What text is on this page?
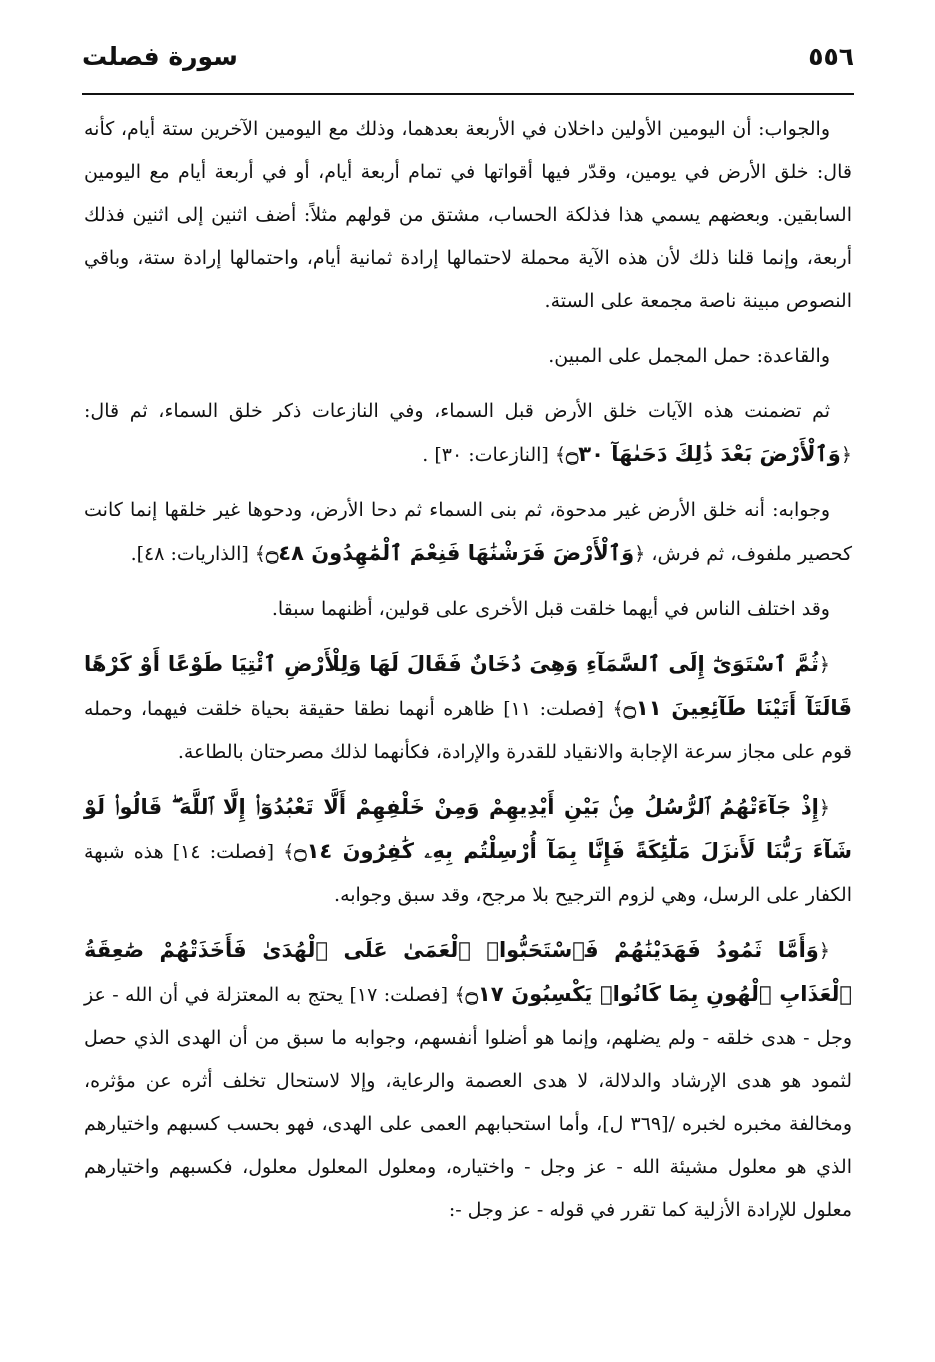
٥٥٦
سورة فصلت

والجواب: أن اليومين الأولين داخلان في الأربعة بعدهما، وذلك مع اليومين الآخرين ستة أيام، كأنه قال: خلق الأرض في يومين، وقدّر فيها أقواتها في تمام أربعة أيام، أو في أربعة أيام مع اليومين السابقين. وبعضهم يسمي هذا فذلكة الحساب، مشتق من قولهم مثلاً: أضف اثنين إلى اثنين فذلك أربعة، وإنما قلنا ذلك لأن هذه الآية محملة لاحتمالها إرادة ثمانية أيام، واحتمالها إرادة ستة، وباقي النصوص مبينة ناصة مجمعة على الستة.

والقاعدة: حمل المجمل على المبين.

ثم تضمنت هذه الآيات خلق الأرض قبل السماء، وفي النازعات ذكر خلق السماء، ثم قال: ﴿وَٱلْأَرْضَ بَعْدَ ذَٰلِكَ دَحَىٰهَآ ۝٣٠﴾ [النازعات: ٣٠] .

وجوابه: أنه خلق الأرض غير مدحوة، ثم بنى السماء ثم دحا الأرض، ودحوها غير خلقها إنما كانت كحصير ملفوف، ثم فرش، ﴿وَٱلْأَرْضَ فَرَشْنَٰهَا فَنِعْمَ ٱلْمَٰهِدُونَ ۝٤٨﴾ [الذاريات: ٤٨].

وقد اختلف الناس في أيهما خلقت قبل الأخرى على قولين، أظنهما سبقا.

﴿ثُمَّ ٱسْتَوَىٰٓ إِلَى ٱلسَّمَآءِ وَهِىَ دُخَانٌ فَقَالَ لَهَا وَلِلْأَرْضِ ٱئْتِيَا طَوْعًا أَوْ كَرْهًا قَالَتَآ أَتَيْنَا طَآئِعِينَ ۝١١﴾ [فصلت: ١١] ظاهره أنهما نطقا حقيقة بحياة خلقت فيهما، وحمله قوم على مجاز سرعة الإجابة والانقياد للقدرة والإرادة، فكأنهما لذلك مصرحتان بالطاعة.

﴿إِذْ جَآءَتْهُمُ ٱلرُّسُلُ مِنۢ بَيْنِ أَيْدِيهِمْ وَمِنْ خَلْفِهِمْ أَلَّا تَعْبُدُوٓا۟ إِلَّا ٱللَّهَ ۖ قَالُوا۟ لَوْ شَآءَ رَبُّنَا لَأَنزَلَ مَلَٰٓئِكَةً فَإِنَّا بِمَآ أُرْسِلْتُم بِهِۦ كَٰفِرُونَ ۝١٤﴾ [فصلت: ١٤] هذه شبهة الكفار على الرسل، وهي لزوم الترجيح بلا مرجح، وقد سبق وجوابه.

﴿وَأَمَّا ثَمُودُ فَهَدَيْنَٰهُمْ فَٱسْتَحَبُّوا۟ ٱلْعَمَىٰ عَلَى ٱلْهُدَىٰ فَأَخَذَتْهُمْ صَٰعِقَةُ ٱلْعَذَابِ ٱلْهُونِ بِمَا كَانُوا۟ يَكْسِبُونَ ۝١٧﴾ [فصلت: ١٧] يحتج به المعتزلة في أن الله - عز وجل - هدى خلقه - ولم يضلهم، وإنما هو أضلوا أنفسهم، وجوابه ما سبق من أن الهدى الذي حصل لثمود هو هدى الإرشاد والدلالة، لا هدى العصمة والرعاية، وإلا لاستحال تخلف أثره عن مؤثره، ومخالفة مخبره لخبره /[٣٦٩ ل]، وأما استحبابهم العمى على الهدى، فهو بحسب كسبهم واختيارهم الذي هو معلول مشيئة الله - عز وجل - واختياره، ومعلول المعلول معلول، فكسبهم واختيارهم معلول للإرادة الأزلية كما تقرر في قوله - عز وجل -:
